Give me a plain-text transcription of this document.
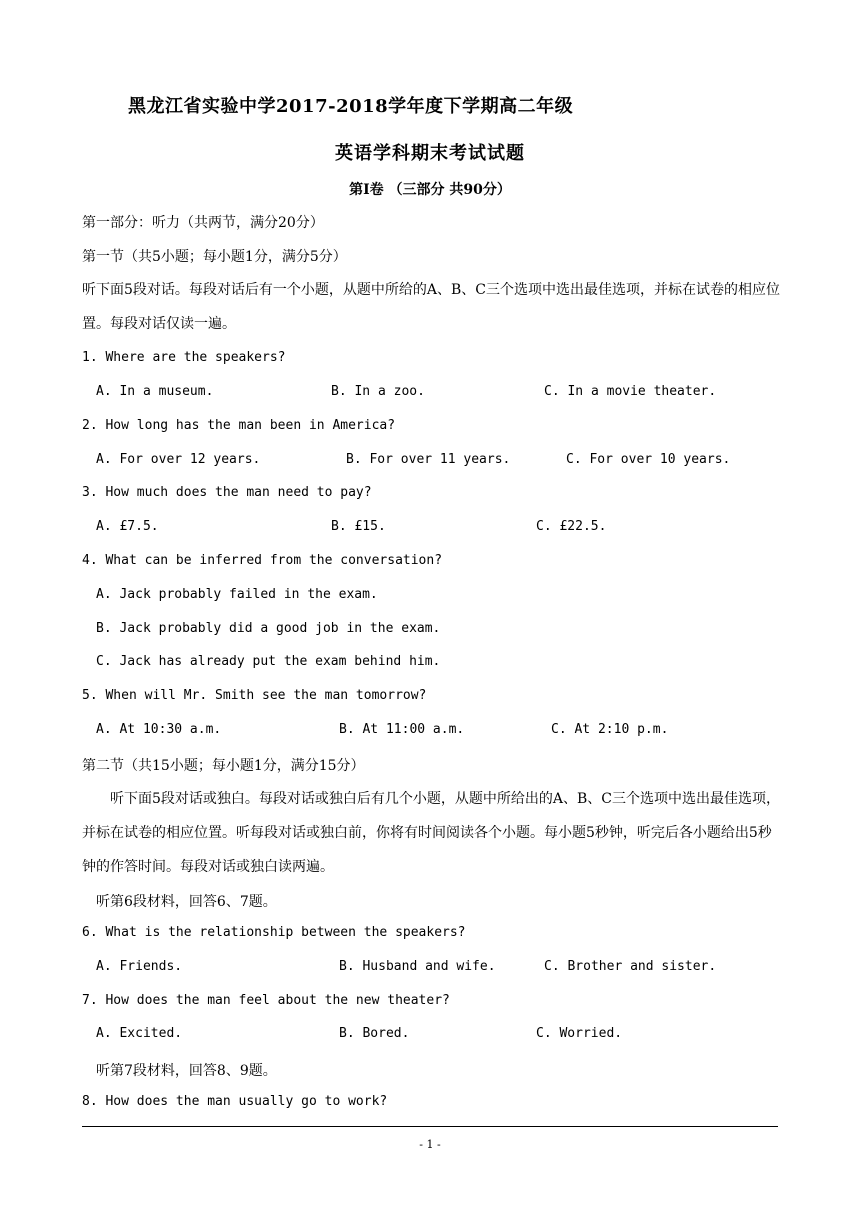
黑龙江省实验中学2017-2018学年度下学期高二年级
英语学科期末考试试题
第Ⅰ卷 （三部分 共90分）
第一部分：听力（共两节，满分20分）
第一节（共5小题；每小题1分，满分5分）
听下面5段对话。每段对话后有一个小题，从题中所给的A、B、C三个选项中选出最佳选项，并标在试卷的相应位置。每段对话仅读一遍。
1. Where are the speakers?
A. In a museum.	B. In a zoo.	C. In a movie theater.
2. How long has the man been in America?
A. For over 12 years.	B. For over 11 years.	C. For over 10 years.
3. How much does the man need to pay?
A. £7.5.	B. £15.	C. £22.5.
4. What can be inferred from the conversation?
A. Jack probably failed in the exam.
B. Jack probably did a good job in the exam.
C. Jack has already put the exam behind him.
5. When will Mr. Smith see the man tomorrow?
A. At 10:30 a.m.	B. At 11:00 a.m.	C. At 2:10 p.m.
第二节（共15小题；每小题1分，满分15分）
听下面5段对话或独白。每段对话或独白后有几个小题，从题中所给出的A、B、C三个选项中选出最佳选项，并标在试卷的相应位置。听每段对话或独白前，你将有时间阅读各个小题。每小题5秒钟，听完后各小题给出5秒钟的作答时间。每段对话或独白读两遍。
听第6段材料，回答6、7题。
6. What is the relationship between the speakers?
A. Friends.	B. Husband and wife.	C. Brother and sister.
7. How does the man feel about the new theater?
A. Excited.	B. Bored.	C. Worried.
听第7段材料，回答8、9题。
8. How does the man usually go to work?
- 1 -
